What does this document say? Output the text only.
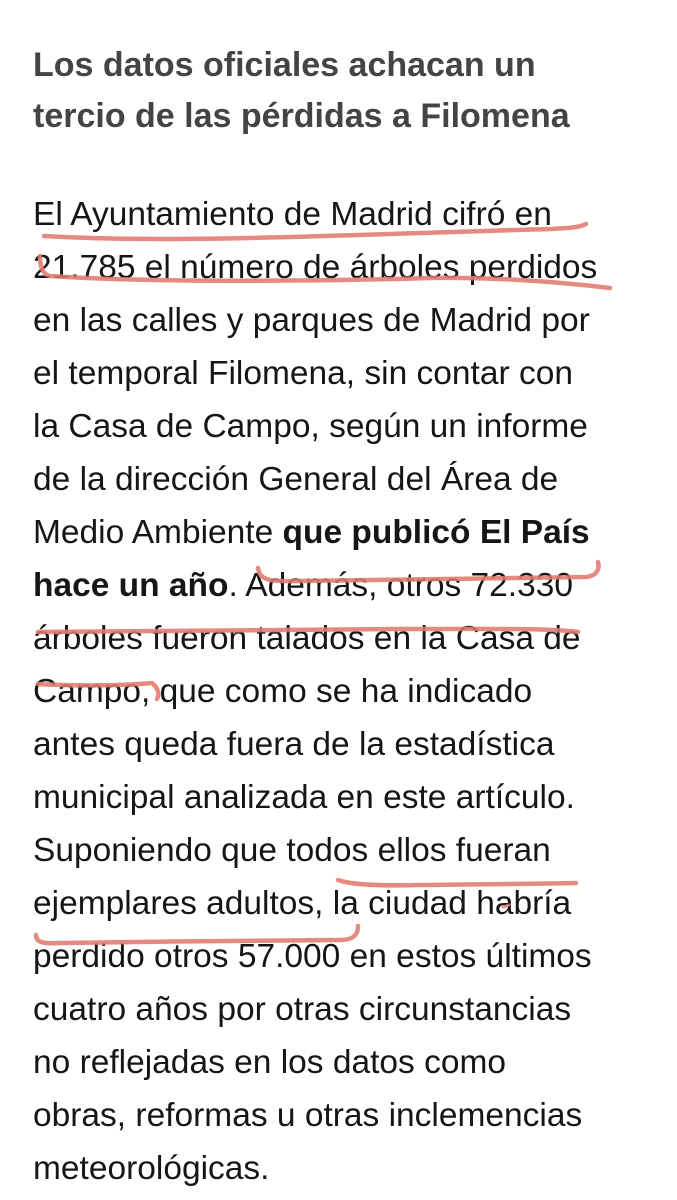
Los datos oficiales achacan un
tercio de las pérdidas a Filomena

El Ayuntamiento de Madrid cifró en
21.785 el número de árboles perdidos
en las calles y parques de Madrid por
el temporal Filomena, sin contar con
la Casa de Campo, según un informe
de la dirección General del Área de
Medio Ambiente que publicó El País
hace un año. Además, otros 72.330
árboles fueron talados en la Casa de
Campo, que como se ha indicado
antes queda fuera de la estadística
municipal analizada en este artículo.
Suponiendo que todos ellos fueran
ejemplares adultos, la ciudad habría
perdido otros 57.000 en estos últimos
cuatro años por otras circunstancias
no reflejadas en los datos como
obras, reformas u otras inclemencias
meteorológicas.
